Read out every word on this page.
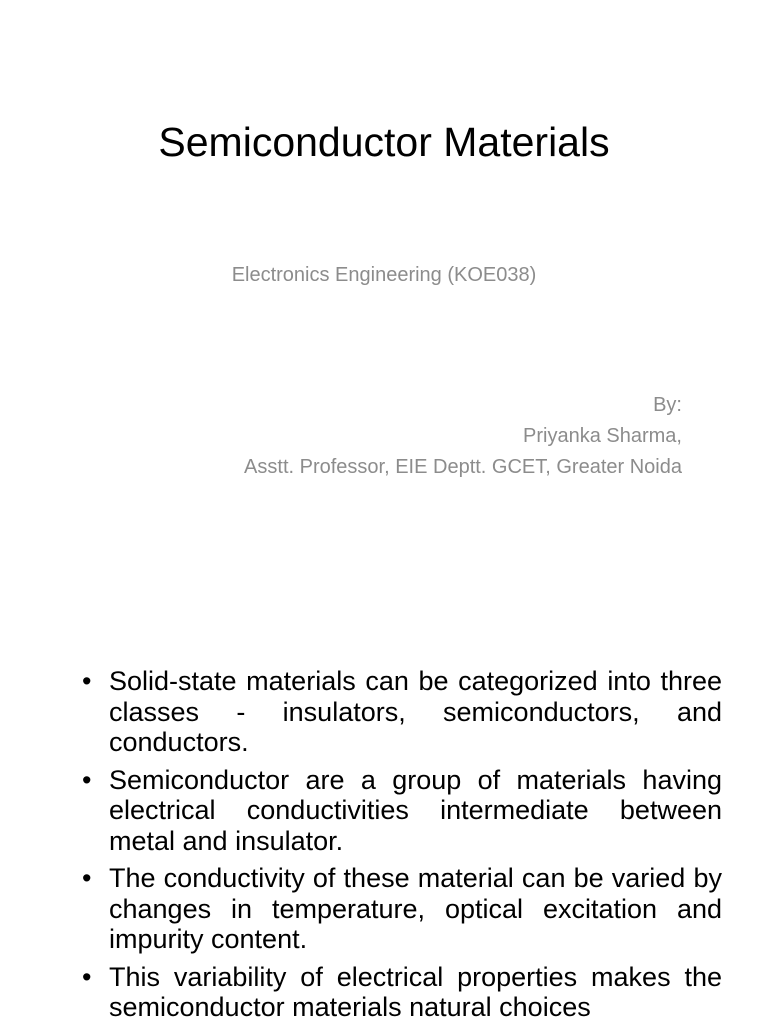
Semiconductor Materials
Electronics Engineering (KOE038)
By:
Priyanka Sharma,
Asstt. Professor, EIE Deptt. GCET, Greater Noida
• Solid-state materials can be categorized into three classes - insulators, semiconductors, and conductors.
• Semiconductor are a group of materials having electrical conductivities intermediate between metal and insulator.
• The conductivity of these material can be varied by changes in temperature, optical excitation and impurity content.
• This variability of electrical properties makes the semiconductor materials natural choices
